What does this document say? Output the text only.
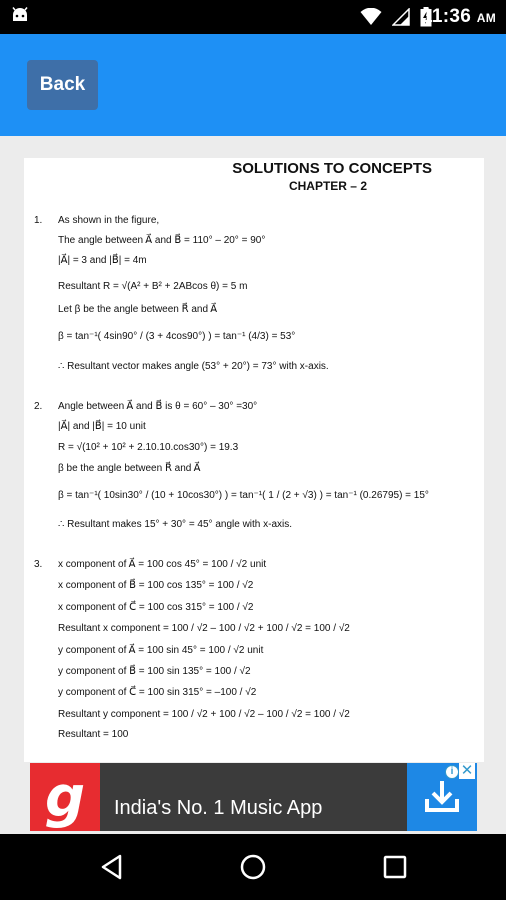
11:36 AM
Back
SOLUTIONS TO CONCEPTS
CHAPTER – 2
1. As shown in the figure,
The angle between A⃗ and B⃗ = 110° – 20° = 90°
|A⃗| = 3 and |B⃗| = 4m
Resultant R = √(A² + B² + 2ABcos θ) = 5 m
Let β be the angle between R⃗ and A⃗
β = tan⁻¹( 4sin90° / (3 + 4cos90°) ) = tan⁻¹ (4/3) = 53°
∴ Resultant vector makes angle (53° + 20°) = 73° with x-axis.
2. Angle between A⃗ and B⃗ is θ = 60° – 30° =30°
|A⃗| and |B⃗| = 10 unit
R = √(10² + 10² + 2.10.10.cos30°) = 19.3
β be the angle between R⃗ and A⃗
β = tan⁻¹( 10sin30° / (10 + 10cos30°) ) = tan⁻¹( 1 / (2 + √3) ) = tan⁻¹ (0.26795) = 15°
∴ Resultant makes 15° + 30° = 45° angle with x-axis.
3. x component of A⃗ = 100 cos 45° = 100 / √2 unit
x component of B⃗ = 100 cos 135° = 100 / √2
x component of C⃗ = 100 cos 315° = 100 / √2
Resultant x component = 100 / √2 – 100 / √2 + 100 / √2 = 100 / √2
y component of A⃗ = 100 sin 45° = 100 / √2 unit
y component of B⃗ = 100 sin 135° = 100 / √2
y component of C⃗ = 100 sin 315° = –100 / √2
Resultant y component = 100 / √2 + 100 / √2 – 100 / √2 = 100 / √2
Resultant = 100
g	India's No. 1 Music App
i ✕
